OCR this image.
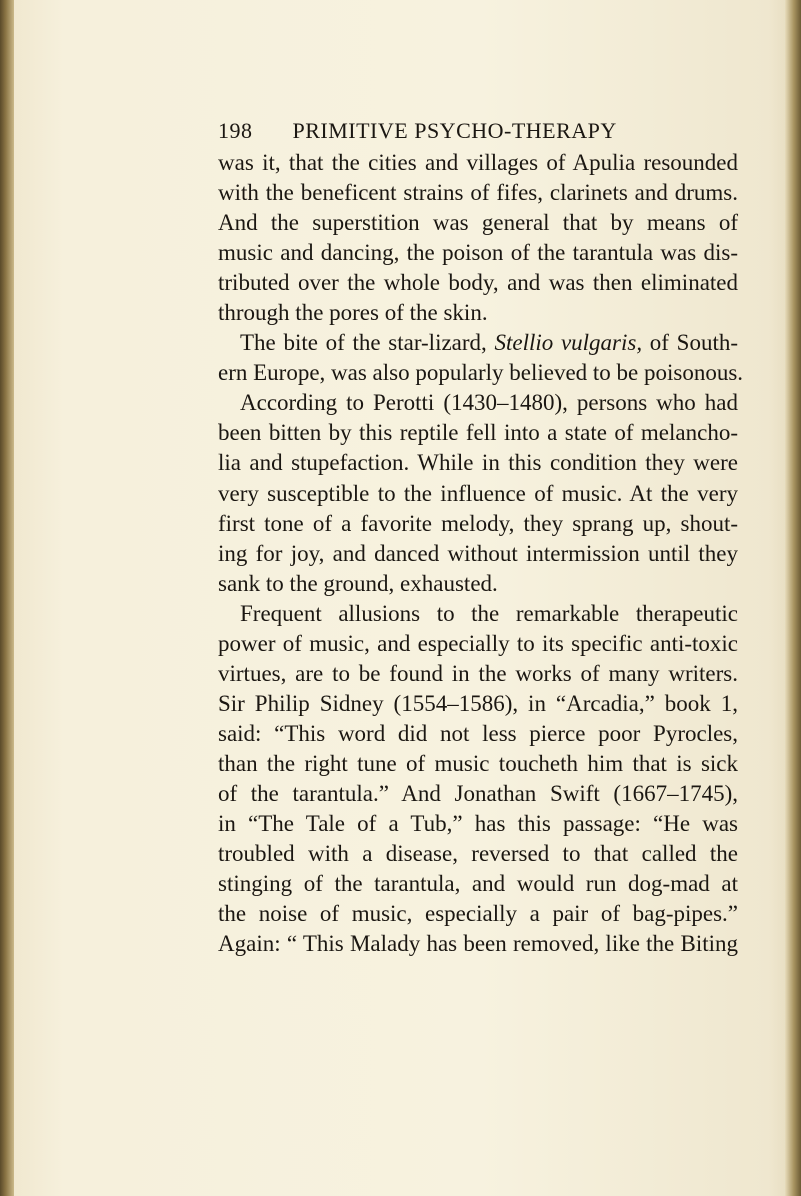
198 PRIMITIVE PSYCHO-THERAPY
was it, that the cities and villages of Apulia resounded
with the beneficent strains of fifes, clarinets and drums.
And the superstition was general that by means of
music and dancing, the poison of the tarantula was dis-
tributed over the whole body, and was then eliminated
through the pores of the skin.
The bite of the star-lizard, Stellio vulgaris, of South-
ern Europe, was also popularly believed to be poisonous.
According to Perotti (1430–1480), persons who had
been bitten by this reptile fell into a state of melancho-
lia and stupefaction. While in this condition they were
very susceptible to the influence of music. At the very
first tone of a favorite melody, they sprang up, shout-
ing for joy, and danced without intermission until they
sank to the ground, exhausted.
Frequent allusions to the remarkable therapeutic
power of music, and especially to its specific anti-toxic
virtues, are to be found in the works of many writers.
Sir Philip Sidney (1554–1586), in “Arcadia,” book 1,
said: “This word did not less pierce poor Pyrocles,
than the right tune of music toucheth him that is sick
of the tarantula.” And Jonathan Swift (1667–1745),
in “The Tale of a Tub,” has this passage: “He was
troubled with a disease, reversed to that called the
stinging of the tarantula, and would run dog-mad at
the noise of music, especially a pair of bag-pipes.”
Again: “ This Malady has been removed, like the Biting
